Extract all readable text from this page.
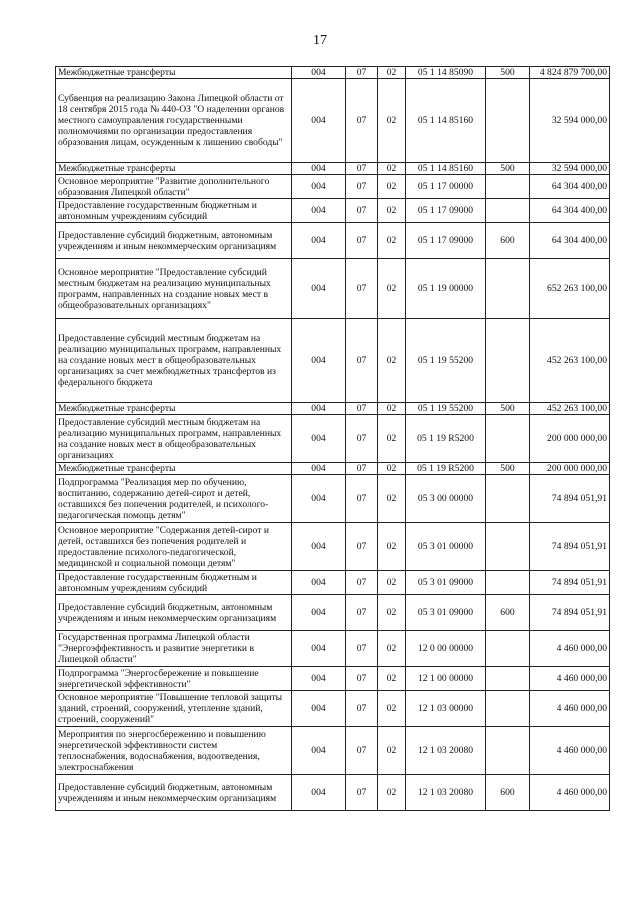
17
Межбюджетные трансферты	004	07	02	05 1 14 85090	500	4 824 879 700,00
Субвенция на реализацию Закона Липецкой области от 18 сентября 2015 года № 440-ОЗ "О наделении органов местного самоуправления государственными полномочиями по организации предоставления образования лицам, осужденным к лишению свободы"	004	07	02	05 1 14 85160		32 594 000,00
Межбюджетные трансферты	004	07	02	05 1 14 85160	500	32 594 000,00
Основное мероприятие "Развитие дополнительного образования Липецкой области"	004	07	02	05 1 17 00000		64 304 400,00
Предоставление государственным бюджетным и автономным учреждениям субсидий	004	07	02	05 1 17 09000		64 304 400,00
Предоставление субсидий бюджетным, автономным учреждениям и иным некоммерческим организациям	004	07	02	05 1 17 09000	600	64 304 400,00
Основное мероприятие "Предоставление субсидий местным бюджетам на реализацию муниципальных программ, направленных на создание новых мест в общеобразовательных организациях"	004	07	02	05 1 19 00000		652 263 100,00
Предоставление субсидий местным бюджетам на реализацию муниципальных программ, направленных на создание новых мест в общеобразовательных организациях за счет межбюджетных трансфертов из федерального бюджета	004	07	02	05 1 19 55200		452 263 100,00
Межбюджетные трансферты	004	07	02	05 1 19 55200	500	452 263 100,00
Предоставление субсидий местным бюджетам на реализацию муниципальных программ, направленных на создание новых мест в общеобразовательных организациях	004	07	02	05 1 19 R5200		200 000 000,00
Межбюджетные трансферты	004	07	02	05 1 19 R5200	500	200 000 000,00
Подпрограмма "Реализация мер по обучению, воспитанию, содержанию детей-сирот и детей, оставшихся без попечения родителей, и психолого-педагогическая помощь детям"	004	07	02	05 3 00 00000		74 894 051,91
Основное мероприятие "Содержания детей-сирот и детей, оставшихся без попечения родителей и предоставление психолого-педагогической, медицинской и социальной помощи детям"	004	07	02	05 3 01 00000		74 894 051,91
Предоставление государственным бюджетным и автономным учреждениям субсидий	004	07	02	05 3 01 09000		74 894 051,91
Предоставление субсидий бюджетным, автономным учреждениям и иным некоммерческим организациям	004	07	02	05 3 01 09000	600	74 894 051,91
Государственная программа Липецкой области "Энергоэффективность и развитие энергетики в Липецкой области"	004	07	02	12 0 00 00000		4 460 000,00
Подпрограмма "Энергосбережение и повышение энергетической эффективности"	004	07	02	12 1 00 00000		4 460 000,00
Основное мероприятие "Повышение тепловой защиты зданий, строений, сооружений, утепление зданий, строений, сооружений"	004	07	02	12 1 03 00000		4 460 000,00
Мероприятия по энергосбережению и повышению энергетической эффективности систем теплоснабжения, водоснабжения, водоотведения, электроснабжения	004	07	02	12 1 03 20080		4 460 000,00
Предоставление субсидий бюджетным, автономным учреждениям и иным некоммерческим организациям	004	07	02	12 1 03 20080	600	4 460 000,00
